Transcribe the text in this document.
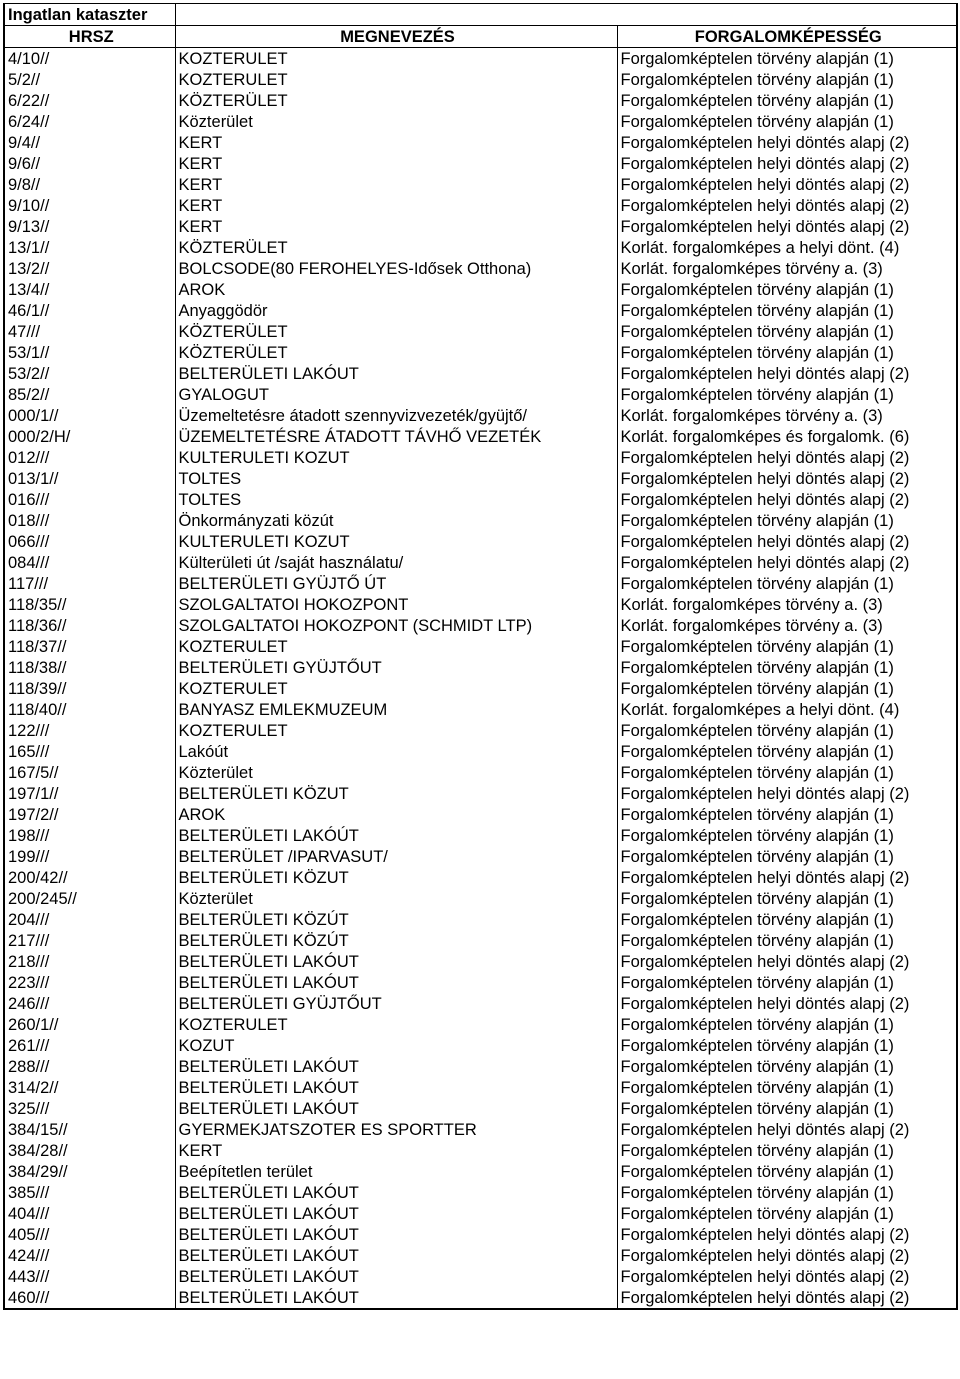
Ingatlan kataszter		
HRSZ	MEGNEVEZÉS	FORGALOMKÉPESSÉG
4/10//	KOZTERULET	Forgalomképtelen törvény alapján (1)
5/2//	KOZTERULET	Forgalomképtelen törvény alapján (1)
6/22//	KÖZTERÜLET	Forgalomképtelen törvény alapján (1)
6/24//	Közterület	Forgalomképtelen törvény alapján (1)
9/4//	KERT	Forgalomképtelen helyi döntés alapj (2)
9/6//	KERT	Forgalomképtelen helyi döntés alapj (2)
9/8//	KERT	Forgalomképtelen helyi döntés alapj (2)
9/10//	KERT	Forgalomképtelen helyi döntés alapj (2)
9/13//	KERT	Forgalomképtelen helyi döntés alapj (2)
13/1//	KÖZTERÜLET	Korlát. forgalomképes a helyi dönt. (4)
13/2//	BOLCSODE(80 FEROHELYES-Idősek Otthona)	Korlát. forgalomképes törvény a. (3)
13/4//	AROK	Forgalomképtelen törvény alapján (1)
46/1//	Anyaggödör	Forgalomképtelen törvény alapján (1)
47///	KÖZTERÜLET	Forgalomképtelen törvény alapján (1)
53/1//	KÖZTERÜLET	Forgalomképtelen törvény alapján (1)
53/2//	BELTERÜLETI LAKÓUT	Forgalomképtelen helyi döntés alapj (2)
85/2//	GYALOGUT	Forgalomképtelen törvény alapján (1)
000/1//	Üzemeltetésre átadott szennyvizvezeték/gyüjtő/	Korlát. forgalomképes törvény a. (3)
000/2/H/	ÜZEMELTETÉSRE ÁTADOTT TÁVHŐ VEZETÉK	Korlát. forgalomképes és forgalomk. (6)
012///	KULTERULETI KOZUT	Forgalomképtelen helyi döntés alapj (2)
013/1//	TOLTES	Forgalomképtelen helyi döntés alapj (2)
016///	TOLTES	Forgalomképtelen helyi döntés alapj (2)
018///	Önkormányzati közút	Forgalomképtelen törvény alapján (1)
066///	KULTERULETI KOZUT	Forgalomképtelen helyi döntés alapj (2)
084///	Külterületi út /saját használatu/	Forgalomképtelen helyi döntés alapj (2)
117///	BELTERÜLETI GYÜJTŐ ÚT	Forgalomképtelen törvény alapján (1)
118/35//	SZOLGALTATOI HOKOZPONT	Korlát. forgalomképes törvény a. (3)
118/36//	SZOLGALTATOI HOKOZPONT (SCHMIDT LTP)	Korlát. forgalomképes törvény a. (3)
118/37//	KOZTERULET	Forgalomképtelen törvény alapján (1)
118/38//	BELTERÜLETI GYÜJTŐUT	Forgalomképtelen törvény alapján (1)
118/39//	KOZTERULET	Forgalomképtelen törvény alapján (1)
118/40//	BANYASZ EMLEKMUZEUM	Korlát. forgalomképes a helyi dönt. (4)
122///	KOZTERULET	Forgalomképtelen törvény alapján (1)
165///	Lakóút	Forgalomképtelen törvény alapján (1)
167/5//	Közterület	Forgalomképtelen törvény alapján (1)
197/1//	BELTERÜLETI KÖZUT	Forgalomképtelen helyi döntés alapj (2)
197/2//	AROK	Forgalomképtelen törvény alapján (1)
198///	BELTERÜLETI LAKÓÚT	Forgalomképtelen törvény alapján (1)
199///	BELTERÜLET /IPARVASUT/	Forgalomképtelen törvény alapján (1)
200/42//	BELTERÜLETI KÖZUT	Forgalomképtelen helyi döntés alapj (2)
200/245//	Közterület	Forgalomképtelen törvény alapján (1)
204///	BELTERÜLETI KÖZÚT	Forgalomképtelen törvény alapján (1)
217///	BELTERÜLETI KÖZÚT	Forgalomképtelen törvény alapján (1)
218///	BELTERÜLETI LAKÓUT	Forgalomképtelen helyi döntés alapj (2)
223///	BELTERÜLETI LAKÓUT	Forgalomképtelen törvény alapján (1)
246///	BELTERÜLETI GYÜJTŐUT	Forgalomképtelen helyi döntés alapj (2)
260/1//	KOZTERULET	Forgalomképtelen törvény alapján (1)
261///	KOZUT	Forgalomképtelen törvény alapján (1)
288///	BELTERÜLETI LAKÓUT	Forgalomképtelen törvény alapján (1)
314/2//	BELTERÜLETI LAKÓUT	Forgalomképtelen törvény alapján (1)
325///	BELTERÜLETI LAKÓUT	Forgalomképtelen törvény alapján (1)
384/15//	GYERMEKJATSZOTER ES SPORTTER	Forgalomképtelen helyi döntés alapj (2)
384/28//	KERT	Forgalomképtelen törvény alapján (1)
384/29//	Beépítetlen terület	Forgalomképtelen törvény alapján (1)
385///	BELTERÜLETI LAKÓUT	Forgalomképtelen törvény alapján (1)
404///	BELTERÜLETI LAKÓUT	Forgalomképtelen törvény alapján (1)
405///	BELTERÜLETI LAKÓUT	Forgalomképtelen helyi döntés alapj (2)
424///	BELTERÜLETI LAKÓUT	Forgalomképtelen helyi döntés alapj (2)
443///	BELTERÜLETI LAKÓUT	Forgalomképtelen helyi döntés alapj (2)
460///	BELTERÜLETI LAKÓUT	Forgalomképtelen helyi döntés alapj (2)
